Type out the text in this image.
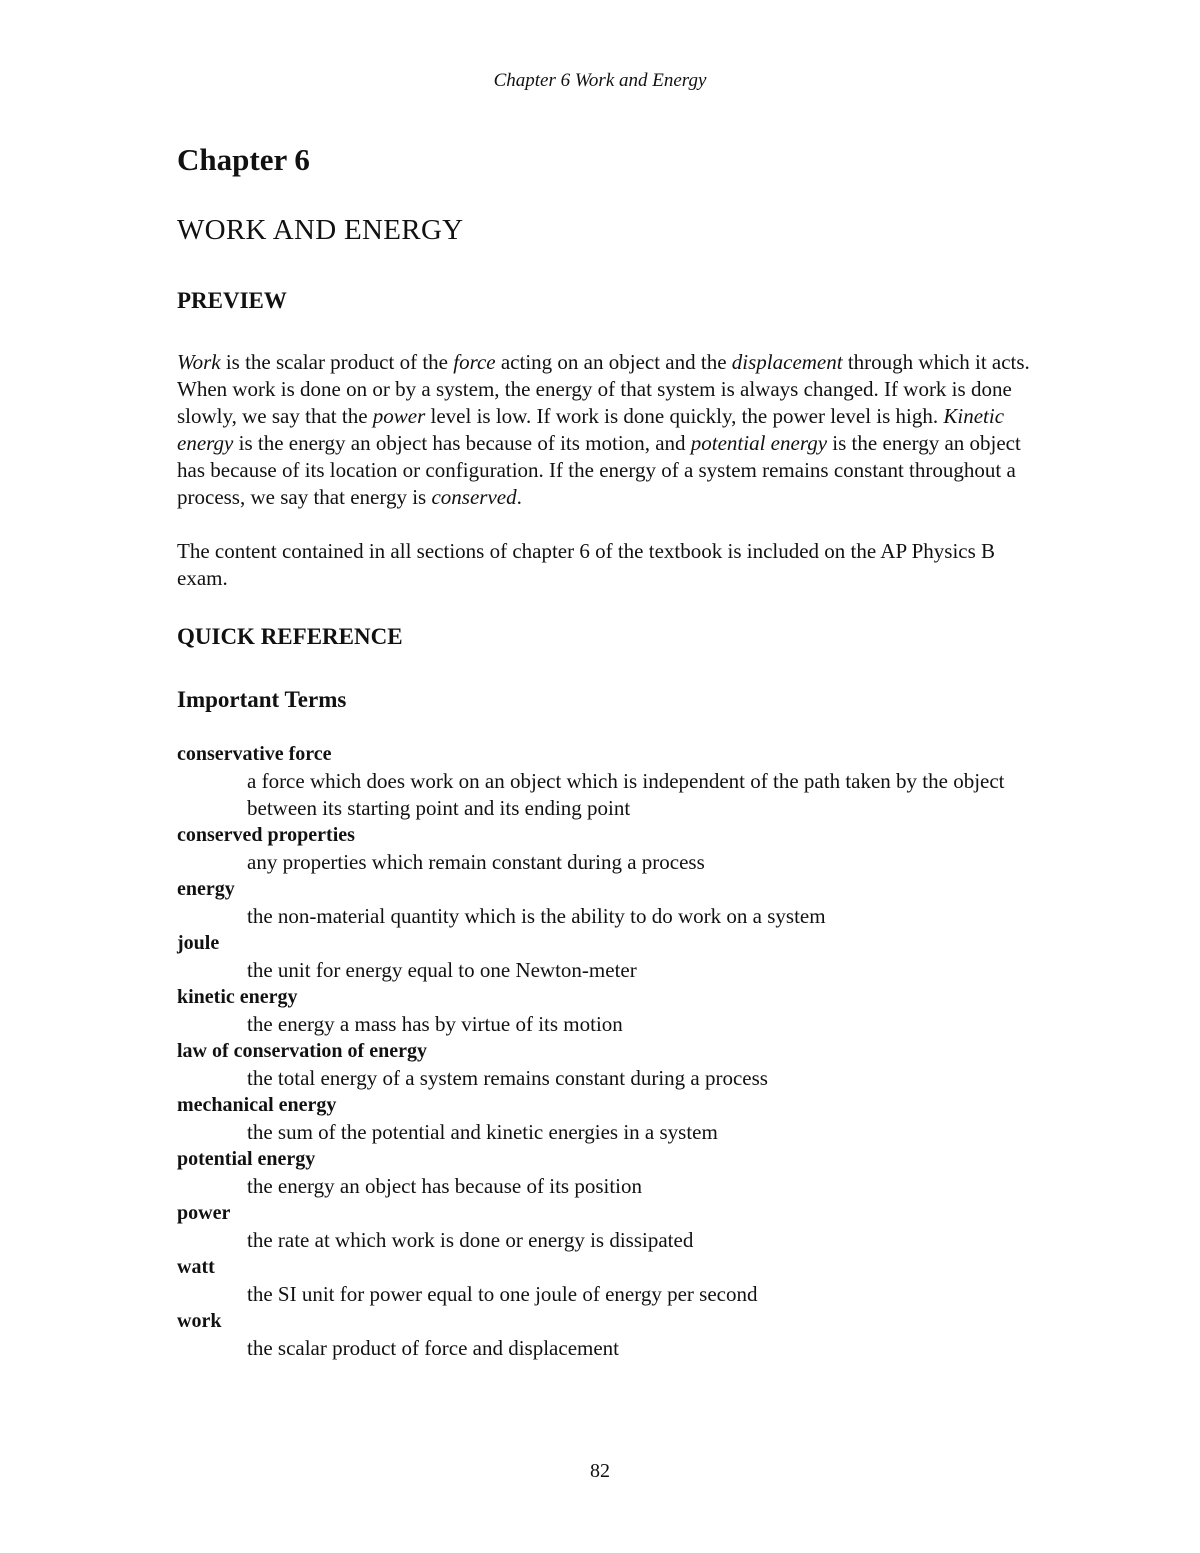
Chapter 6 Work and Energy
Chapter 6
WORK AND ENERGY
PREVIEW

Work is the scalar product of the force acting on an object and the displacement through which it acts. When work is done on or by a system, the energy of that system is always changed. If work is done slowly, we say that the power level is low. If work is done quickly, the power level is high. Kinetic energy is the energy an object has because of its motion, and potential energy is the energy an object has because of its location or configuration. If the energy of a system remains constant throughout a process, we say that energy is conserved.

The content contained in all sections of chapter 6 of the textbook is included on the AP Physics B exam.

QUICK REFERENCE
Important Terms
conservative force
a force which does work on an object which is independent of the path taken by the object between its starting point and its ending point
conserved properties
any properties which remain constant during a process
energy
the non-material quantity which is the ability to do work on a system
joule
the unit for energy equal to one Newton-meter
kinetic energy
the energy a mass has by virtue of its motion
law of conservation of energy
the total energy of a system remains constant during a process
mechanical energy
the sum of the potential and kinetic energies in a system
potential energy
the energy an object has because of its position
power
the rate at which work is done or energy is dissipated
watt
the SI unit for power equal to one joule of energy per second
work
the scalar product of force and displacement
82
